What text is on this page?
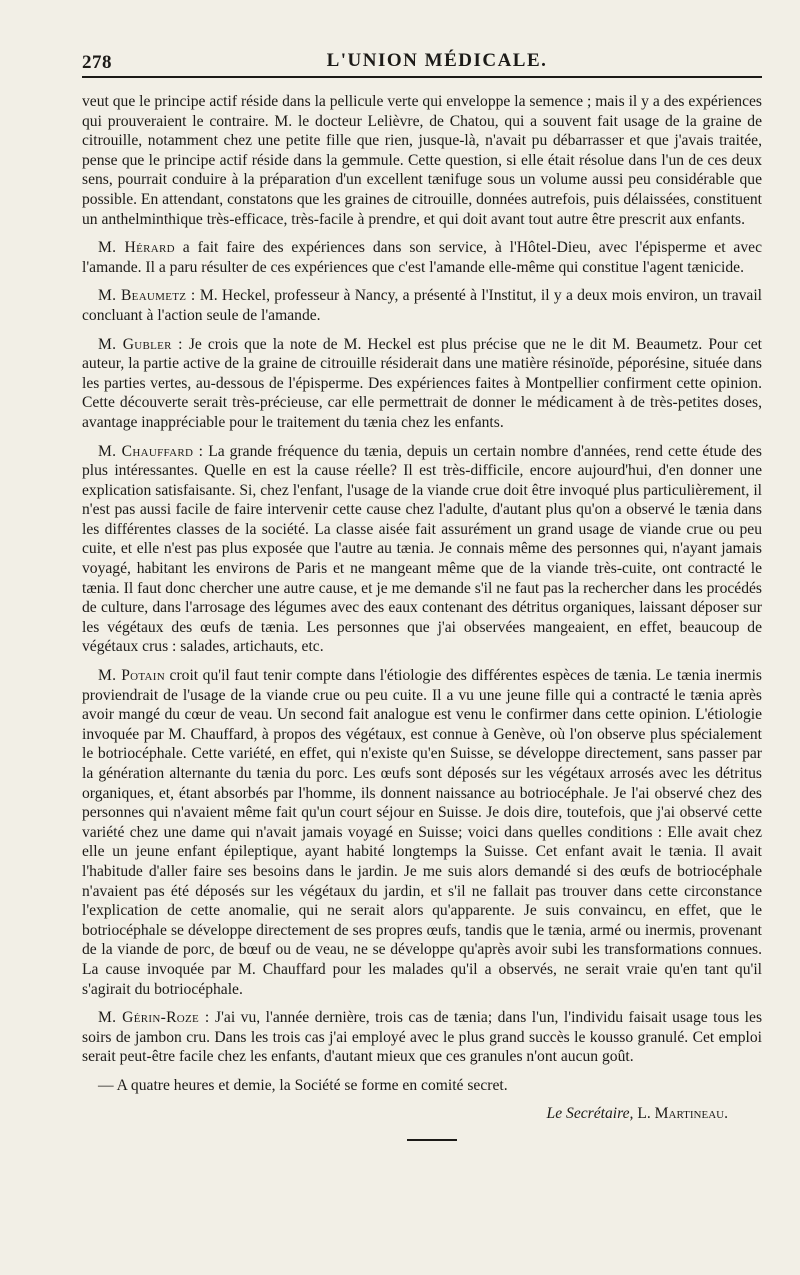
278	L'UNION MÉDICALE.

veut que le principe actif réside dans la pellicule verte qui enveloppe la semence ; mais il y a des expériences qui prouveraient le contraire. M. le docteur Lelièvre, de Chatou, qui a souvent fait usage de la graine de citrouille, notamment chez une petite fille que rien, jusque-là, n'avait pu débarrasser et que j'avais traitée, pense que le principe actif réside dans la gemmule. Cette question, si elle était résolue dans l'un de ces deux sens, pourrait conduire à la préparation d'un excellent tænifuge sous un volume aussi peu considérable que possible. En attendant, constatons que les graines de citrouille, données autrefois, puis délaissées, constituent un anthelminthique très-efficace, très-facile à prendre, et qui doit avant tout autre être prescrit aux enfants.

M. Hérard a fait faire des expériences dans son service, à l'Hôtel-Dieu, avec l'épisperme et avec l'amande. Il a paru résulter de ces expériences que c'est l'amande elle-même qui constitue l'agent tænicide.

M. Beaumetz : M. Heckel, professeur à Nancy, a présenté à l'Institut, il y a deux mois environ, un travail concluant à l'action seule de l'amande.

M. Gubler : Je crois que la note de M. Heckel est plus précise que ne le dit M. Beaumetz. Pour cet auteur, la partie active de la graine de citrouille résiderait dans une matière résinoïde, péporésine, située dans les parties vertes, au-dessous de l'épisperme. Des expériences faites à Montpellier confirment cette opinion. Cette découverte serait très-précieuse, car elle permettrait de donner le médicament à de très-petites doses, avantage inappréciable pour le traitement du tænia chez les enfants.

M. Chauffard : La grande fréquence du tænia, depuis un certain nombre d'années, rend cette étude des plus intéressantes. Quelle en est la cause réelle? Il est très-difficile, encore aujourd'hui, d'en donner une explication satisfaisante. Si, chez l'enfant, l'usage de la viande crue doit être invoqué plus particulièrement, il n'est pas aussi facile de faire intervenir cette cause chez l'adulte, d'autant plus qu'on a observé le tænia dans les différentes classes de la société. La classe aisée fait assurément un grand usage de viande crue ou peu cuite, et elle n'est pas plus exposée que l'autre au tænia. Je connais même des personnes qui, n'ayant jamais voyagé, habitant les environs de Paris et ne mangeant même que de la viande très-cuite, ont contracté le tænia. Il faut donc chercher une autre cause, et je me demande s'il ne faut pas la rechercher dans les procédés de culture, dans l'arrosage des légumes avec des eaux contenant des détritus organiques, laissant déposer sur les végétaux des œufs de tænia. Les personnes que j'ai observées mangeaient, en effet, beaucoup de végétaux crus : salades, artichauts, etc.

M. Potain croit qu'il faut tenir compte dans l'étiologie des différentes espèces de tænia. Le tænia inermis proviendrait de l'usage de la viande crue ou peu cuite. Il a vu une jeune fille qui a contracté le tænia après avoir mangé du cœur de veau. Un second fait analogue est venu le confirmer dans cette opinion. L'étiologie invoquée par M. Chauffard, à propos des végétaux, est connue à Genève, où l'on observe plus spécialement le botriocéphale. Cette variété, en effet, qui n'existe qu'en Suisse, se développe directement, sans passer par la génération alternante du tænia du porc. Les œufs sont déposés sur les végétaux arrosés avec les détritus organiques, et, étant absorbés par l'homme, ils donnent naissance au botriocéphale. Je l'ai observé chez des personnes qui n'avaient même fait qu'un court séjour en Suisse. Je dois dire, toutefois, que j'ai observé cette variété chez une dame qui n'avait jamais voyagé en Suisse; voici dans quelles conditions : Elle avait chez elle un jeune enfant épileptique, ayant habité longtemps la Suisse. Cet enfant avait le tænia. Il avait l'habitude d'aller faire ses besoins dans le jardin. Je me suis alors demandé si des œufs de botriocéphale n'avaient pas été déposés sur les végétaux du jardin, et s'il ne fallait pas trouver dans cette circonstance l'explication de cette anomalie, qui ne serait alors qu'apparente. Je suis convaincu, en effet, que le botriocéphale se développe directement de ses propres œufs, tandis que le tænia, armé ou inermis, provenant de la viande de porc, de bœuf ou de veau, ne se développe qu'après avoir subi les transformations connues. La cause invoquée par M. Chauffard pour les malades qu'il a observés, ne serait vraie qu'en tant qu'il s'agirait du botriocéphale.

M. Gérin-Roze : J'ai vu, l'année dernière, trois cas de tænia; dans l'un, l'individu faisait usage tous les soirs de jambon cru. Dans les trois cas j'ai employé avec le plus grand succès le kousso granulé. Cet emploi serait peut-être facile chez les enfants, d'autant mieux que ces granules n'ont aucun goût.

— A quatre heures et demie, la Société se forme en comité secret.

Le Secrétaire, L. Martineau.
